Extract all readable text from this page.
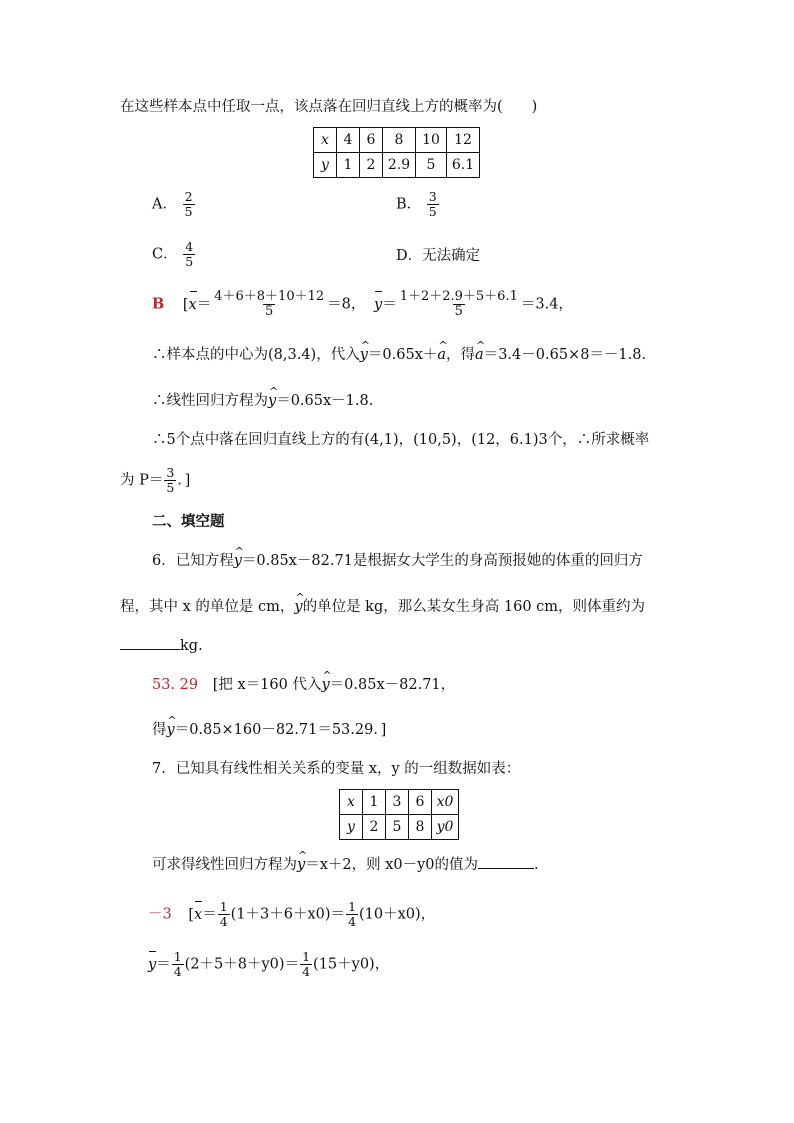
在这些样本点中任取一点，该点落在回归直线上方的概率为(　　)
x	4	6	8	10	12
y	1	2	2.9	5	6.1
A． $\frac{2}{5}$	B． $\frac{3}{5}$
C． $\frac{4}{5}$	D．无法确定
B [$x= \frac{4+6+8+10+12}{5} =8$， $y= \frac{1+2+2.9+5+6.1}{5} =3.4$，
∴样本点的中心为(8,3.4)，代入^ y＝0.65x＋^ a，得^ a＝3.4－0.65×8＝－1.8.
∴线性回归方程为^ y＝0.65x－1.8.
∴5个点中落在回归直线上方的有(4,1)，(10,5)，(12，6.1)3个，∴所求概率
为 $P= \frac{3}{5}$ ．]
二、填空题
6．已知方程^ y＝0.85x－82.71是根据女大学生的身高预报她的体重的回归方
程，其中 x 的单位是 cm，^ y的单位是 kg，那么某女生身高 160 cm，则体重约为
kg.
53. 29 [把 x＝160 代入^ y＝0.85x－82.71，
得^ y＝0.85×160－82.71＝53.29．]
7．已知具有线性相关关系的变量 x，y 的一组数据如表：
x	1	3	6	x0
y	2	5	8	y0
可求得线性回归方程为^ y＝x＋2，则 x0－y0的值为	.
－3 [$x= \frac{1}{4} (1+3+6+x0)= \frac{1}{4} (10+x0)$，
$y= \frac{1}{4} (2+5+8+y0)= \frac{1}{4} (15+y0)$，
